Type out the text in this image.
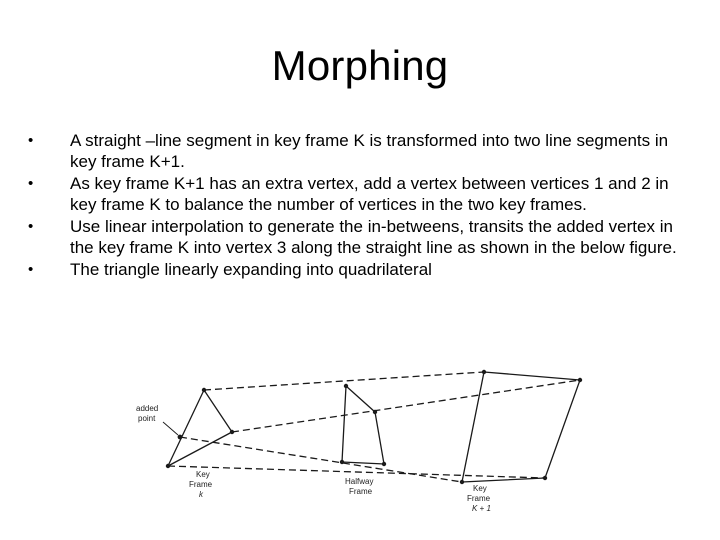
Morphing
•	A straight –line segment in key frame K is transformed into two line segments in key frame K+1.
•	As key frame K+1 has an extra vertex, add a vertex between vertices 1 and 2 in key frame K to balance the number of vertices in the two key frames.
•	Use linear interpolation to generate the in-betweens, transits the added vertex in the key frame K into vertex 3 along the straight line as shown in the below figure.
•	The triangle linearly expanding into quadrilateral
added
point
Key
Frame
k
Halfway
Frame	Key
Frame
K + 1
